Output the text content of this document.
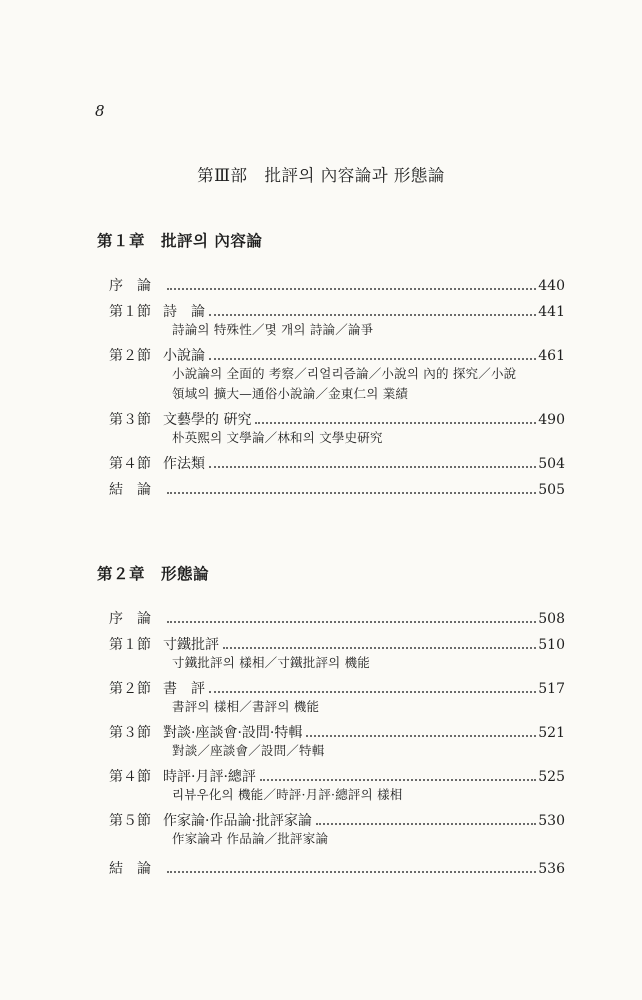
8
第Ⅲ部　批評의 內容論과 形態論
第１章　批評의 內容論
序　論	440
第１節 詩　論	441
詩論의 特殊性／몇 개의 詩論／論爭
第２節 小說論	461
小說論의 全面的 考察／리얼리즘論／小說의 內的 探究／小說
領域의 擴大—通俗小說論／金東仁의 業績
第３節 文藝學的 硏究	490
朴英熙의 文學論／林和의 文學史硏究
第４節 作法類	504
結　論	505
第２章　形態論
序　論	508
第１節 寸鐵批評	510
寸鐵批評의 樣相／寸鐵批評의 機能
第２節 書　評	517
書評의 樣相／書評의 機能
第３節 對談·座談會·設問·特輯	521
對談／座談會／設問／特輯
第４節 時評·月評·總評	525
리뷰우化의 機能／時評·月評·總評의 樣相
第５節 作家論·作品論·批評家論	530
作家論과 作品論／批評家論
結　論	536
